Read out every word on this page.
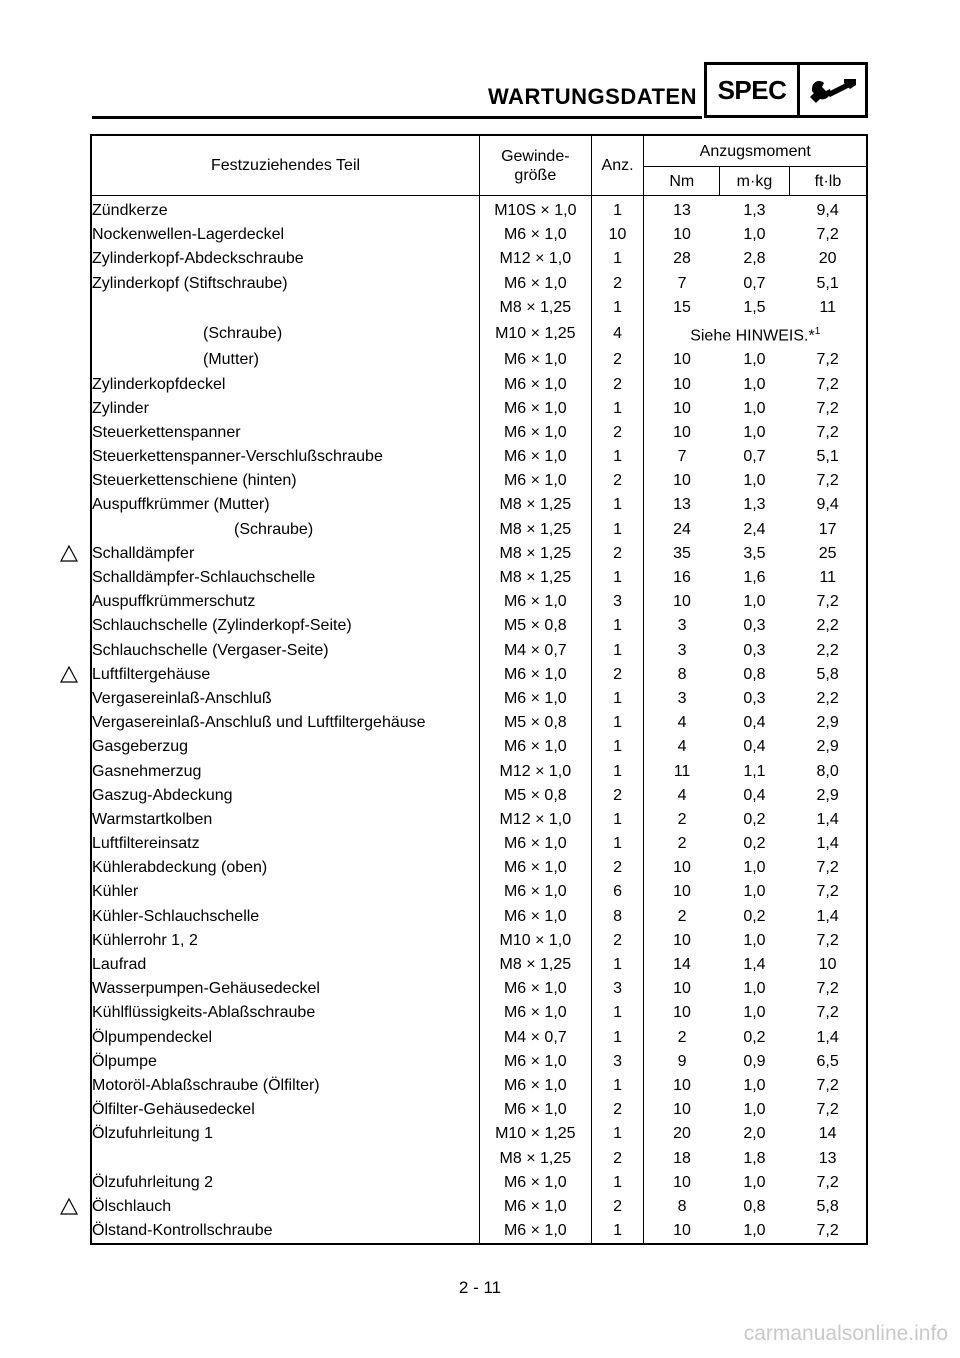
WARTUNGSDATEN SPEC
Festzuziehendes Teil	Gewinde-
größe	Anz.	Anzugsmoment		
			Nm	m·kg	ft·lb
Zündkerze	M10S × 1,0	1	13	1,3	9,4
Nockenwellen-Lagerdeckel	M6 × 1,0	10	10	1,0	7,2
Zylinderkopf-Abdeckschraube	M12 × 1,0	1	28	2,8	20
Zylinderkopf (Stiftschraube)	M6 × 1,0	2	7	0,7	5,1
	M8 × 1,25	1	15	1,5	11
(Schraube)	M10 × 1,25	4	Siehe HINWEIS.*$^1$
(Mutter)	M6 × 1,0	2	10	1,0	7,2
Zylinderkopfdeckel	M6 × 1,0	2	10	1,0	7,2
Zylinder	M6 × 1,0	1	10	1,0	7,2
Steuerkettenspanner	M6 × 1,0	2	10	1,0	7,2
Steuerkettenspanner-Verschlußschraube	M6 × 1,0	1	7	0,7	5,1
Steuerkettenschiene (hinten)	M6 × 1,0	2	10	1,0	7,2
Auspuffkrümmer (Mutter)	M8 × 1,25	1	13	1,3	9,4
(Schraube)	M8 × 1,25	1	24	2,4	17
Schalldämpfer	M8 × 1,25	2	35	3,5	25
Schalldämpfer-Schlauchschelle	M8 × 1,25	1	16	1,6	11
Auspuffkrümmerschutz	M6 × 1,0	3	10	1,0	7,2
Schlauchschelle (Zylinderkopf-Seite)	M5 × 0,8	1	3	0,3	2,2
Schlauchschelle (Vergaser-Seite)	M4 × 0,7	1	3	0,3	2,2
Luftfiltergehäuse	M6 × 1,0	2	8	0,8	5,8
Vergasereinlaß-Anschluß	M6 × 1,0	1	3	0,3	2,2
Vergasereinlaß-Anschluß und Luftfiltergehäuse	M5 × 0,8	1	4	0,4	2,9
Gasgeberzug	M6 × 1,0	1	4	0,4	2,9
Gasnehmerzug	M12 × 1,0	1	11	1,1	8,0
Gaszug-Abdeckung	M5 × 0,8	2	4	0,4	2,9
Warmstartkolben	M12 × 1,0	1	2	0,2	1,4
Luftfiltereinsatz	M6 × 1,0	1	2	0,2	1,4
Kühlerabdeckung (oben)	M6 × 1,0	2	10	1,0	7,2
Kühler	M6 × 1,0	6	10	1,0	7,2
Kühler-Schlauchschelle	M6 × 1,0	8	2	0,2	1,4
Kühlerrohr 1, 2	M10 × 1,0	2	10	1,0	7,2
Laufrad	M8 × 1,25	1	14	1,4	10
Wasserpumpen-Gehäusedeckel	M6 × 1,0	3	10	1,0	7,2
Kühlflüssigkeits-Ablaßschraube	M6 × 1,0	1	10	1,0	7,2
Ölpumpendeckel	M4 × 0,7	1	2	0,2	1,4
Ölpumpe	M6 × 1,0	3	9	0,9	6,5
Motoröl-Ablaßschraube (Ölfilter)	M6 × 1,0	1	10	1,0	7,2
Ölfilter-Gehäusedeckel	M6 × 1,0	2	10	1,0	7,2
Ölzufuhrleitung 1	M10 × 1,25	1	20	2,0	14
	M8 × 1,25	2	18	1,8	13
Ölzufuhrleitung 2	M6 × 1,0	1	10	1,0	7,2
Ölschlauch	M6 × 1,0	2	8	0,8	5,8
Ölstand-Kontrollschraube	M6 × 1,0	1	10	1,0	7,2
2 - 11
carmanualsonline.info
